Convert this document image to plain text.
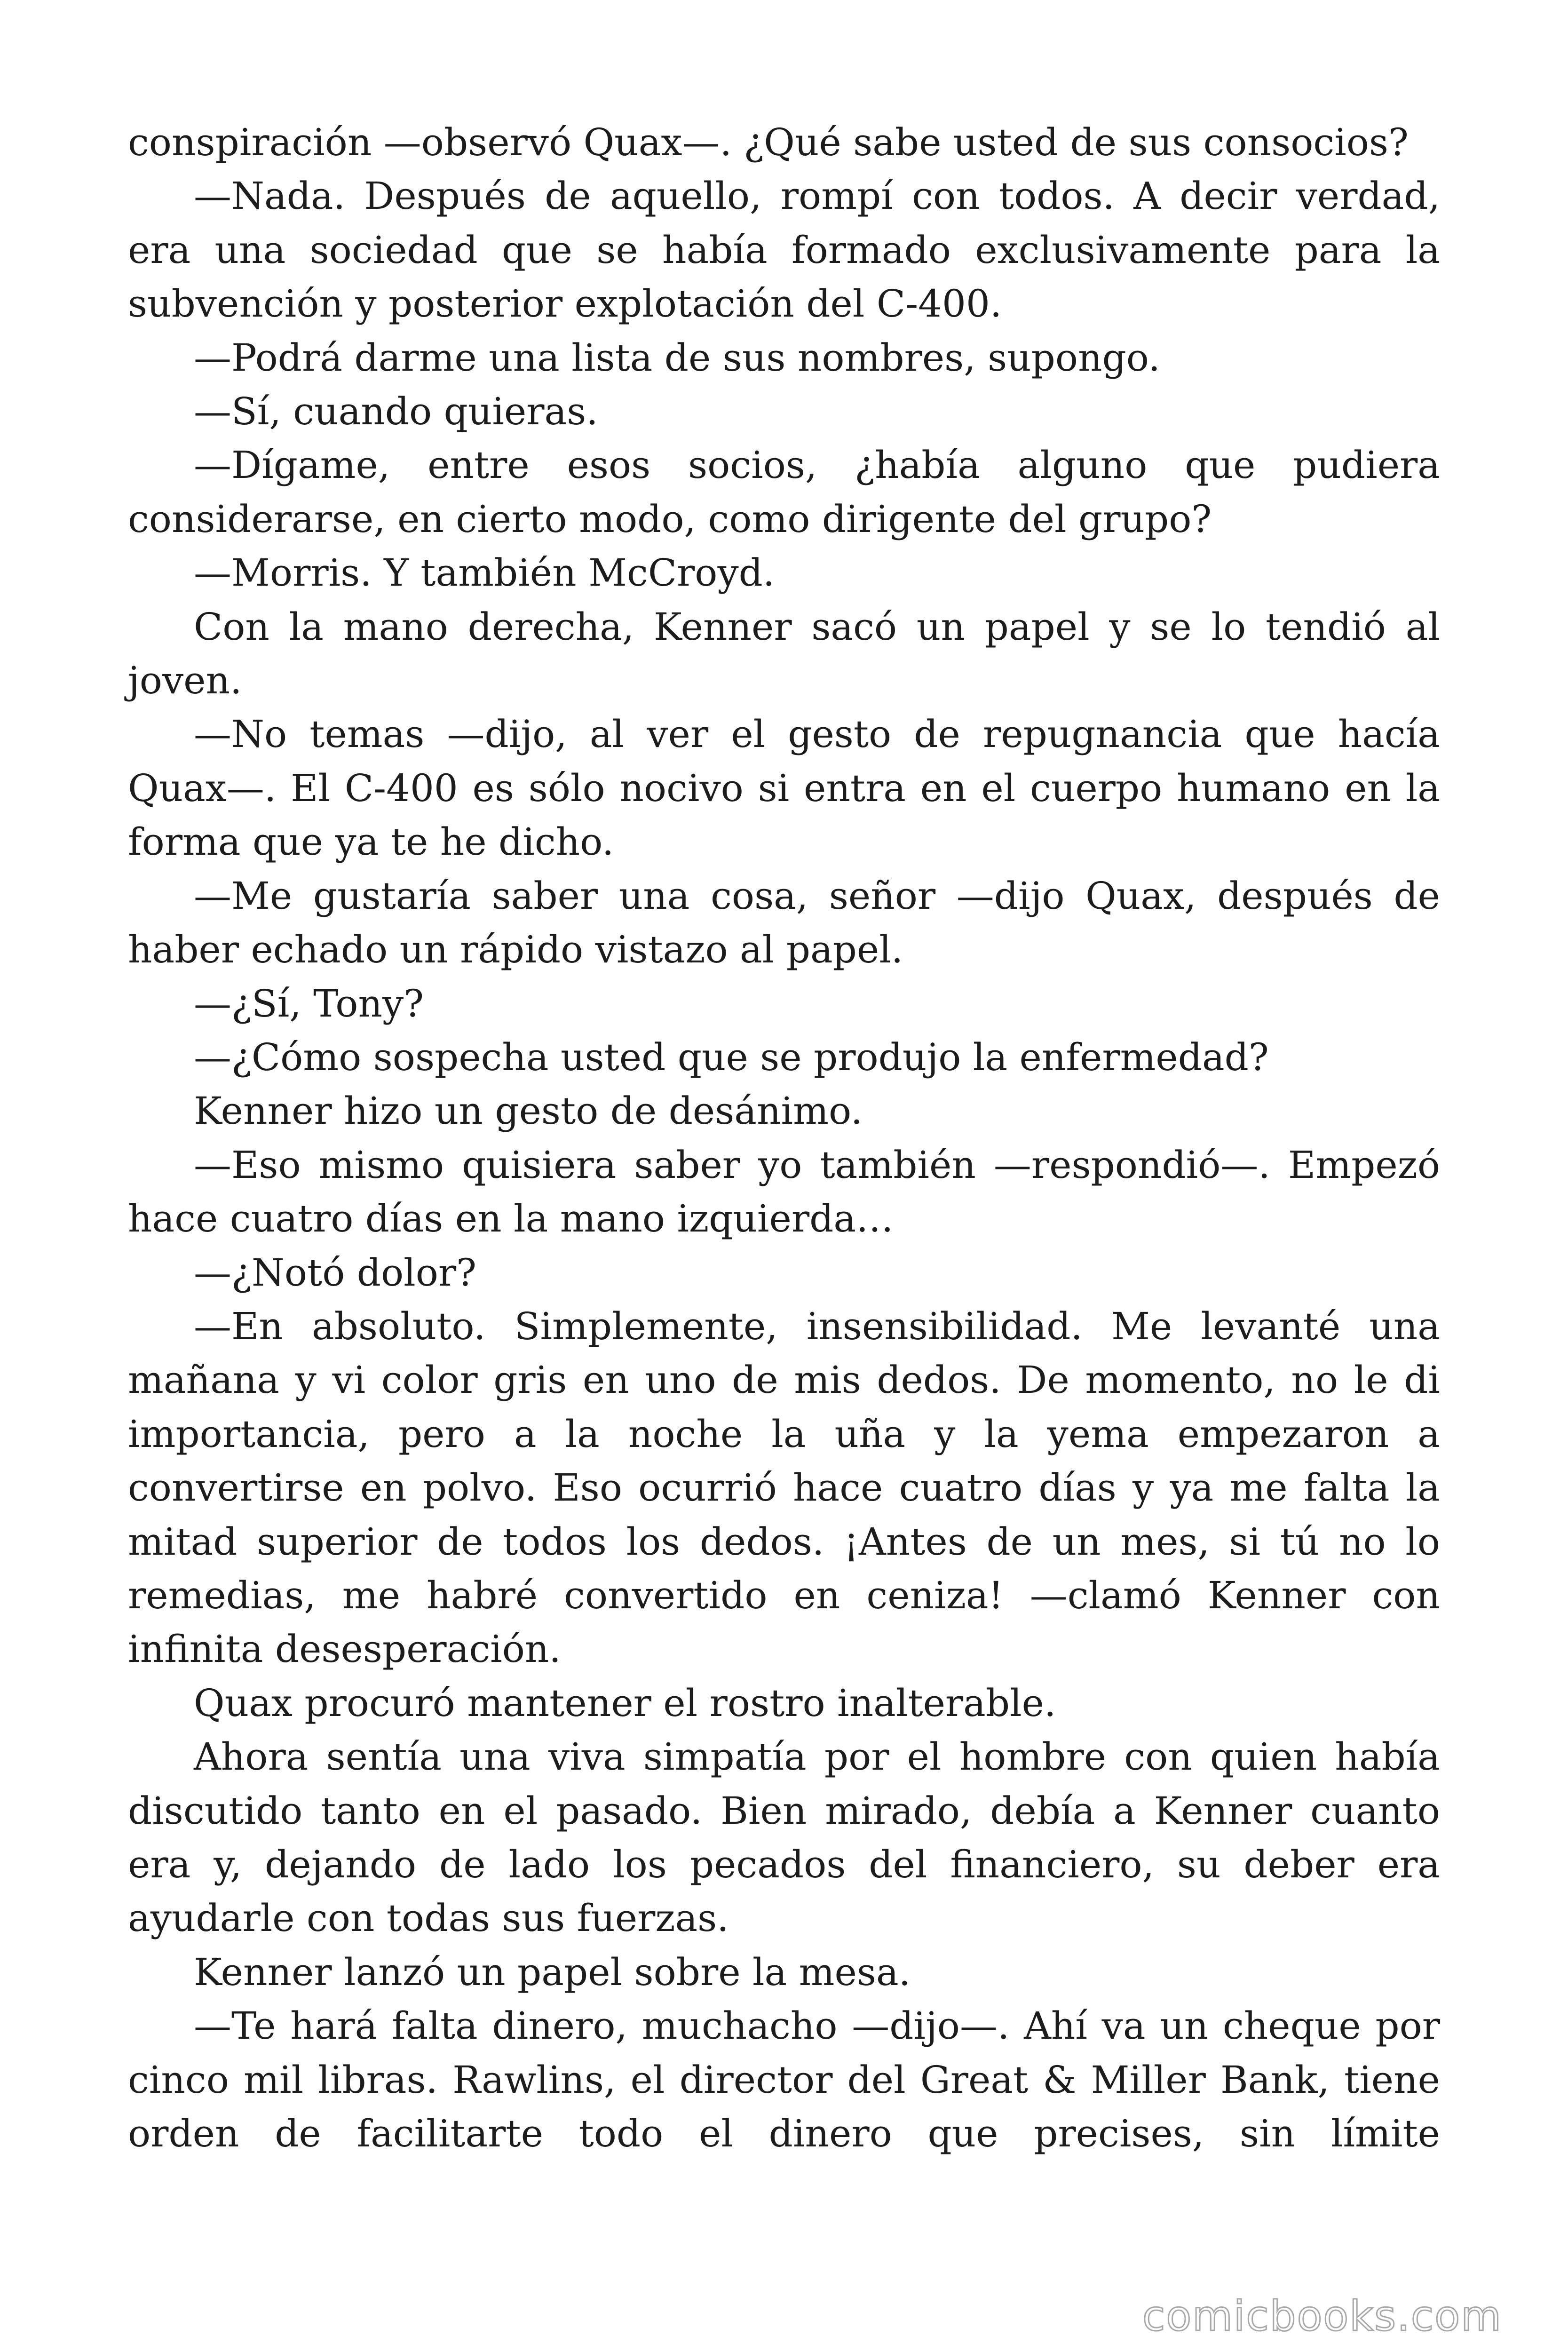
conspiración —observó Quax—. ¿Qué sabe usted de sus consocios?

—Nada. Después de aquello, rompí con todos. A decir verdad, era una sociedad que se había formado exclusivamente para la subvención y posterior explotación del C-400.

—Podrá darme una lista de sus nombres, supongo.

—Sí, cuando quieras.

—Dígame, entre esos socios, ¿había alguno que pudiera considerarse, en cierto modo, como dirigente del grupo?

—Morris. Y también McCroyd.

Con la mano derecha, Kenner sacó un papel y se lo tendió al joven.

—No temas —dijo, al ver el gesto de repugnancia que hacía Quax—. El C-400 es sólo nocivo si entra en el cuerpo humano en la forma que ya te he dicho.

—Me gustaría saber una cosa, señor —dijo Quax, después de haber echado un rápido vistazo al papel.

—¿Sí, Tony?

—¿Cómo sospecha usted que se produjo la enfermedad?

Kenner hizo un gesto de desánimo.

—Eso mismo quisiera saber yo también —respondió—. Empezó hace cuatro días en la mano izquierda…

—¿Notó dolor?

—En absoluto. Simplemente, insensibilidad. Me levanté una mañana y vi color gris en uno de mis dedos. De momento, no le di importancia, pero a la noche la uña y la yema empezaron a convertirse en polvo. Eso ocurrió hace cuatro días y ya me falta la mitad superior de todos los dedos. ¡Antes de un mes, si tú no lo remedias, me habré convertido en ceniza! —clamó Kenner con infinita desesperación.

Quax procuró mantener el rostro inalterable.

Ahora sentía una viva simpatía por el hombre con quien había discutido tanto en el pasado. Bien mirado, debía a Kenner cuanto era y, dejando de lado los pecados del financiero, su deber era ayudarle con todas sus fuerzas.

Kenner lanzó un papel sobre la mesa.

—Te hará falta dinero, muchacho —dijo—. Ahí va un cheque por cinco mil libras. Rawlins, el director del Great & Miller Bank, tiene orden de facilitarte todo el dinero que precises, sin límite

comicbooks.com
